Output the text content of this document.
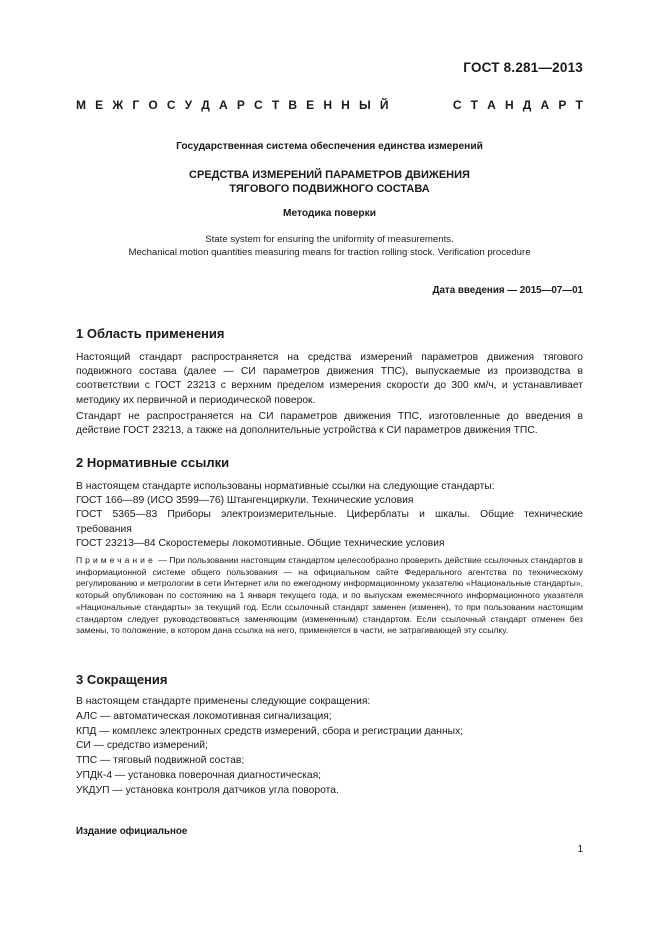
ГОСТ 8.281—2013
М Е Ж Г О С У Д А Р С Т В Е Н Н Ы Й	С Т А Н Д А Р Т
Государственная система обеспечения единства измерений
СРЕДСТВА ИЗМЕРЕНИЙ ПАРАМЕТРОВ ДВИЖЕНИЯ
ТЯГОВОГО ПОДВИЖНОГО СОСТАВА
Методика поверки
State system for ensuring the uniformity of measurements.
Mechanical motion quantities measuring means for traction rolling stock. Verification procedure
Дата введения — 2015—07—01
1 Область применения
Настоящий стандарт распространяется на средства измерений параметров движения тягового подвижного состава (далее — СИ параметров движения ТПС), выпускаемые из производства в соответствии с ГОСТ 23213 с верхним пределом измерения скорости до 300 км/ч, и устанавливает методику их первичной и периодической поверок.
Стандарт не распространяется на СИ параметров движения ТПС, изготовленные до введения в действие ГОСТ 23213, а также на дополнительные устройства к СИ параметров движения ТПС.
2 Нормативные ссылки
В настоящем стандарте использованы нормативные ссылки на следующие стандарты:
ГОСТ 166—89 (ИСО 3599—76) Штангенциркули. Технические условия
ГОСТ 5365—83 Приборы электроизмерительные. Циферблаты и шкалы. Общие технические требования
ГОСТ 23213—84 Скоростемеры локомотивные. Общие технические условия
Примечание — При пользовании настоящим стандартом целесообразно проверить действие ссылочных стандартов в информационной системе общего пользования — на официальном сайте Федерального агентства по техническому регулированию и метрологии в сети Интернет или по ежегодному информационному указателю «Национальные стандарты», который опубликован по состоянию на 1 января текущего года, и по выпускам ежемесячного информационного указателя «Национальные стандарты» за текущий год. Если ссылочный стандарт заменен (изменен), то при пользовании настоящим стандартом следует руководствоваться заменяющим (измененным) стандартом. Если ссылочный стандарт отменен без замены, то положение, в котором дана ссылка на него, применяется в части, не затрагивающей эту ссылку.
3 Сокращения
В настоящем стандарте применены следующие сокращения:
АЛС — автоматическая локомотивная сигнализация;
КПД — комплекс электронных средств измерений, сбора и регистрации данных;
СИ — средство измерений;
ТПС — тяговый подвижной состав;
УПДК-4 — установка поверочная диагностическая;
УКДУП — установка контроля датчиков угла поворота.
Издание официальное
1
